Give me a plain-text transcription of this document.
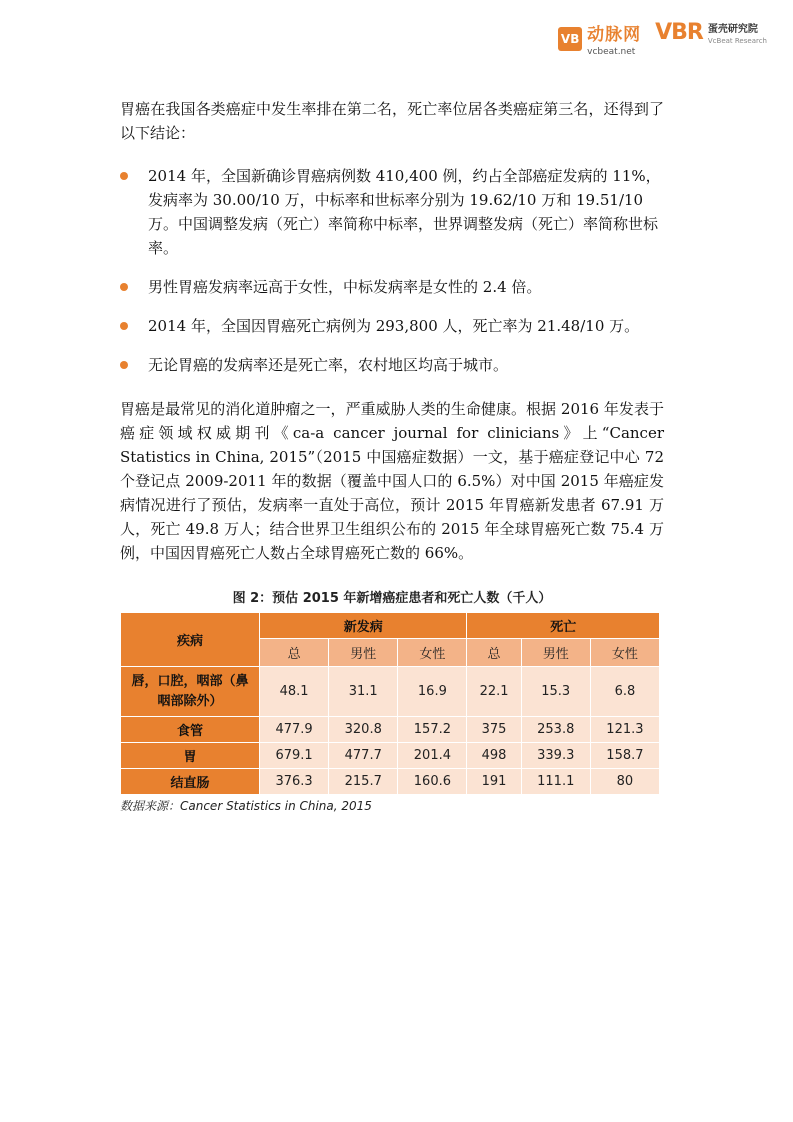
VB 动脉网
vcbeat.net
VBR 蛋壳研究院
VcBeat Research

胃癌在我国各类癌症中发生率排在第二名，死亡率位居各类癌症第三名，还得到了以下结论：

2014 年，全国新确诊胃癌病例数 410,400 例，约占全部癌症发病的 11%，发病率为 30.00/10 万，中标率和世标率分别为 19.62/10 万和 19.51/10 万。中国调整发病（死亡）率简称中标率，世界调整发病（死亡）率简称世标率。
男性胃癌发病率远高于女性，中标发病率是女性的 2.4 倍。
2014 年，全国因胃癌死亡病例为 293,800 人，死亡率为 21.48/10 万。
无论胃癌的发病率还是死亡率，农村地区均高于城市。

胃癌是最常见的消化道肿瘤之一，严重威胁人类的生命健康。根据 2016 年发表于癌症领域权威期刊《ca-a cancer journal for clinicians》上“Cancer Statistics in China, 2015”（2015 中国癌症数据）一文，基于癌症登记中心 72 个登记点 2009-2011 年的数据（覆盖中国人口的 6.5%）对中国 2015 年癌症发病情况进行了预估，发病率一直处于高位，预计 2015 年胃癌新发患者 67.91 万人，死亡 49.8 万人；结合世界卫生组织公布的 2015 年全球胃癌死亡数 75.4 万例，中国因胃癌死亡人数占全球胃癌死亡数的 66%。

图 2：预估 2015 年新增癌症患者和死亡人数（千人）
疾病	新发病			死亡		
	总	男性	女性	总	男性	女性
唇，口腔，咽部（鼻咽部除外）	48.1	31.1	16.9	22.1	15.3	6.8
食管	477.9	320.8	157.2	375	253.8	121.3
胃	679.1	477.7	201.4	498	339.3	158.7
结直肠	376.3	215.7	160.6	191	111.1	80
数据来源：Cancer Statistics in China, 2015
